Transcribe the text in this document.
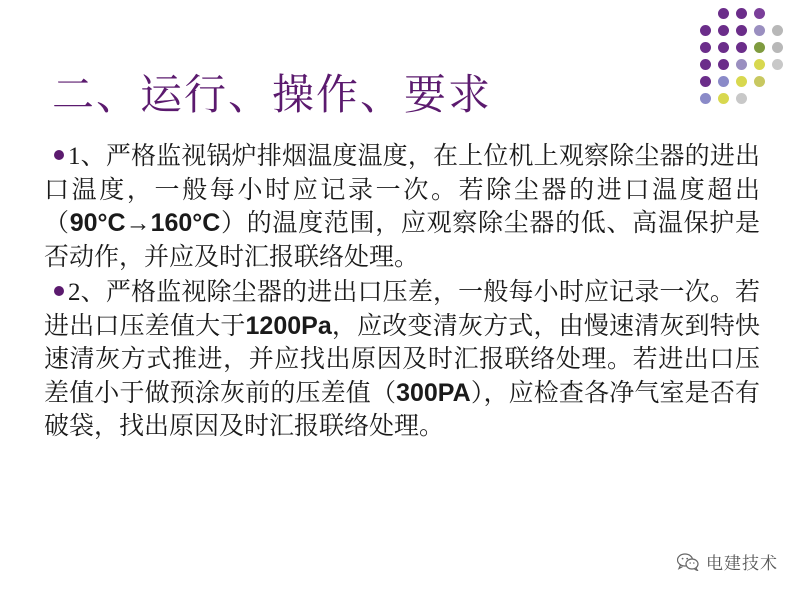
二、运行、操作、要求
1、严格监视锅炉排烟温度温度，在上位机上观察除尘器的进出口温度，一般每小时应记录一次。若除尘器的进口温度超出（90°C→160°C）的温度范围，应观察除尘器的低、高温保护是否动作，并应及时汇报联络处理。
2、严格监视除尘器的进出口压差，一般每小时应记录一次。若进出口压差值大于1200Pa，应改变清灰方式，由慢速清灰到特快速清灰方式推进，并应找出原因及时汇报联络处理。若进出口压差值小于做预涂灰前的压差值（300PA），应检查各净气室是否有破袋，找出原因及时汇报联络处理。
电建技术
